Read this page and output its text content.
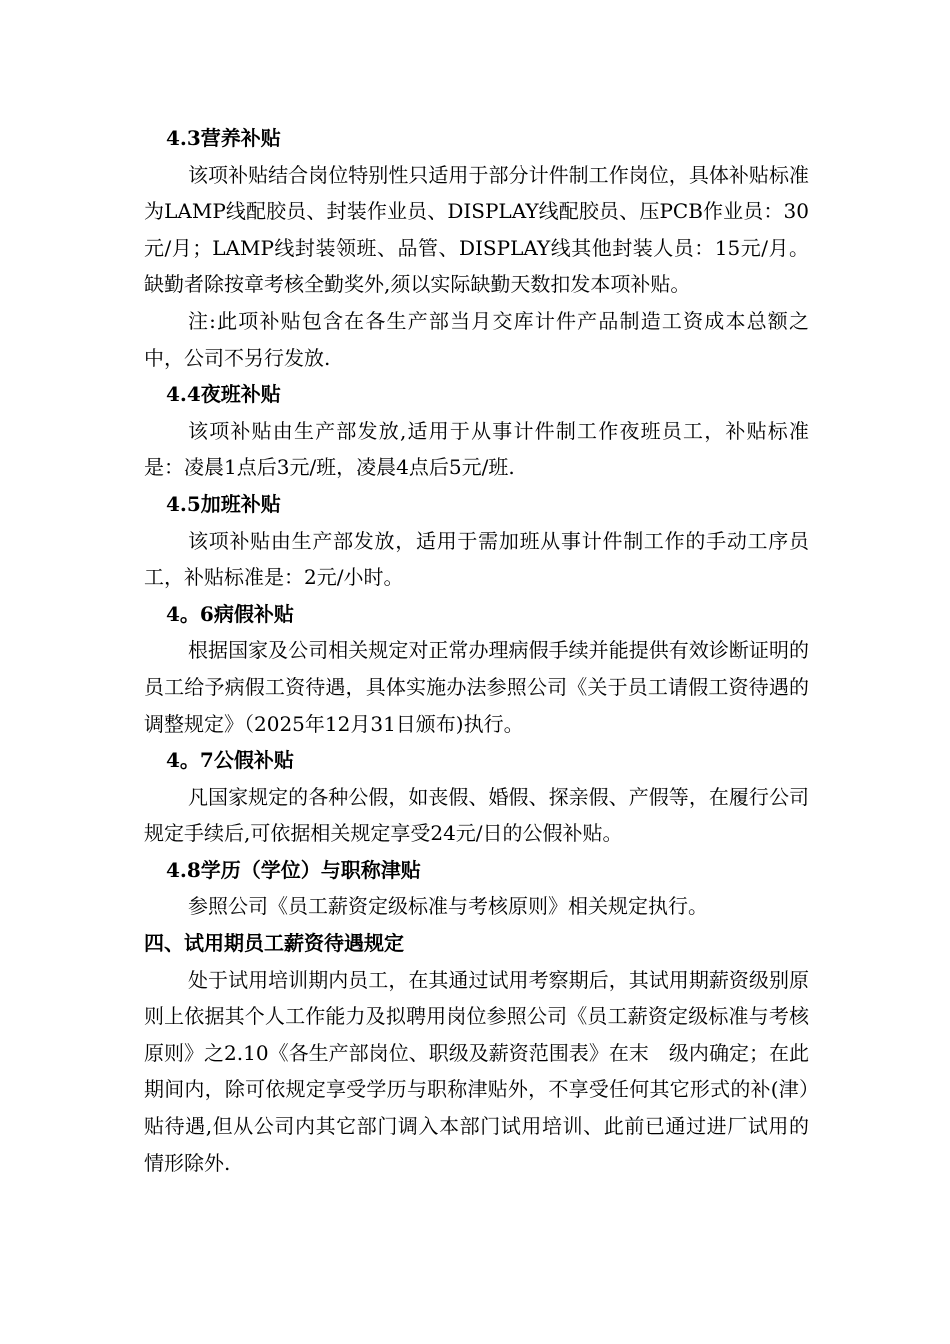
4.3营养补贴

该项补贴结合岗位特别性只适用于部分计件制工作岗位，具体补贴标准为LAMP线配胶员、封装作业员、DISPLAY线配胶员、压PCB作业员：30元/月；LAMP线封装领班、品管、DISPLAY线其他封装人员：15元/月。缺勤者除按章考核全勤奖外,须以实际缺勤天数扣发本项补贴。

注:此项补贴包含在各生产部当月交库计件产品制造工资成本总额之中，公司不另行发放.

4.4夜班补贴

该项补贴由生产部发放,适用于从事计件制工作夜班员工，补贴标准是：凌晨1点后3元/班，凌晨4点后5元/班.

4.5加班补贴

该项补贴由生产部发放，适用于需加班从事计件制工作的手动工序员工，补贴标准是：2元/小时。

4。6病假补贴

根据国家及公司相关规定对正常办理病假手续并能提供有效诊断证明的员工给予病假工资待遇，具体实施办法参照公司《关于员工请假工资待遇的调整规定》（2025年12月31日颁布)执行。

4。7公假补贴

凡国家规定的各种公假，如丧假、婚假、探亲假、产假等，在履行公司规定手续后,可依据相关规定享受24元/日的公假补贴。

4.8学历（学位）与职称津贴

参照公司《员工薪资定级标准与考核原则》相关规定执行。

四、试用期员工薪资待遇规定

处于试用培训期内员工，在其通过试用考察期后，其试用期薪资级别原则上依据其个人工作能力及拟聘用岗位参照公司《员工薪资定级标准与考核原则》之2.10《各生产部岗位、职级及薪资范围表》在末　级内确定；在此期间内，除可依规定享受学历与职称津贴外，不享受任何其它形式的补(津）贴待遇,但从公司内其它部门调入本部门试用培训、此前已通过进厂试用的情形除外.
